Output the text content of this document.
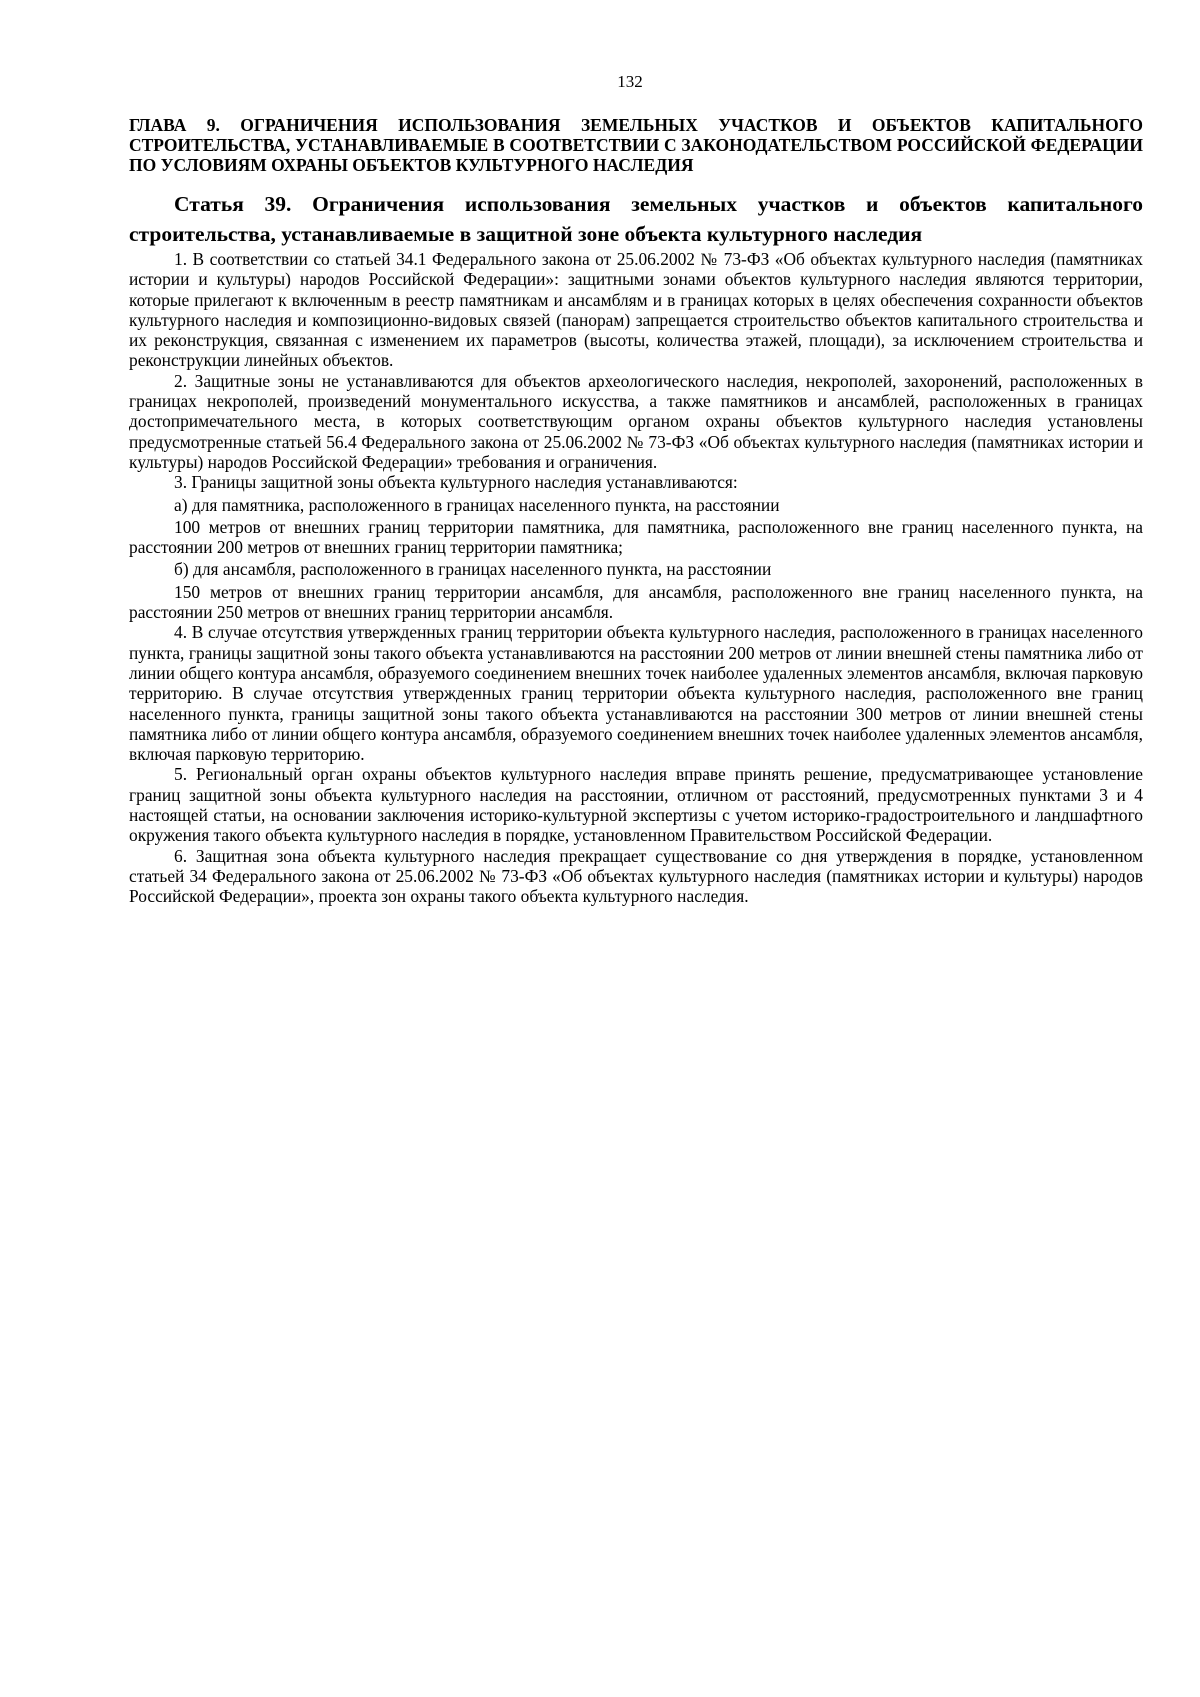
132
ГЛАВА 9. ОГРАНИЧЕНИЯ ИСПОЛЬЗОВАНИЯ ЗЕМЕЛЬНЫХ УЧАСТКОВ И ОБЪЕКТОВ КАПИТАЛЬНОГО СТРОИТЕЛЬСТВА, УСТАНАВЛИВАЕМЫЕ В СООТВЕТСТВИИ С ЗАКОНОДАТЕЛЬСТВОМ РОССИЙСКОЙ ФЕДЕРАЦИИ ПО УСЛОВИЯМ ОХРАНЫ ОБЪЕКТОВ КУЛЬТУРНОГО НАСЛЕДИЯ
Статья 39. Ограничения использования земельных участков и объектов капитального строительства, устанавливаемые в защитной зоне объекта культурного наследия

1. В соответствии со статьей 34.1 Федерального закона от 25.06.2002 № 73-ФЗ «Об объектах культурного наследия (памятниках истории и культуры) народов Российской Федерации»: защитными зонами объектов культурного наследия являются территории, которые прилегают к включенным в реестр памятникам и ансамблям и в границах которых в целях обеспечения сохранности объектов культурного наследия и композиционно-видовых связей (панорам) запрещается строительство объектов капитального строительства и их реконструкция, связанная с изменением их параметров (высоты, количества этажей, площади), за исключением строительства и реконструкции линейных объектов.

2. Защитные зоны не устанавливаются для объектов археологического наследия, некрополей, захоронений, расположенных в границах некрополей, произведений монументального искусства, а также памятников и ансамблей, расположенных в границах достопримечательного места, в которых соответствующим органом охраны объектов культурного наследия установлены предусмотренные статьей 56.4 Федерального закона от 25.06.2002 № 73-ФЗ «Об объектах культурного наследия (памятниках истории и культуры) народов Российской Федерации» требования и ограничения.

3. Границы защитной зоны объекта культурного наследия устанавливаются:

а) для памятника, расположенного в границах населенного пункта, на расстоянии

100 метров от внешних границ территории памятника, для памятника, расположенного вне границ населенного пункта, на расстоянии 200 метров от внешних границ территории памятника;

б) для ансамбля, расположенного в границах населенного пункта, на расстоянии

150 метров от внешних границ территории ансамбля, для ансамбля, расположенного вне границ населенного пункта, на расстоянии 250 метров от внешних границ территории ансамбля.

4. В случае отсутствия утвержденных границ территории объекта культурного наследия, расположенного в границах населенного пункта, границы защитной зоны такого объекта устанавливаются на расстоянии 200 метров от линии внешней стены памятника либо от линии общего контура ансамбля, образуемого соединением внешних точек наиболее удаленных элементов ансамбля, включая парковую территорию. В случае отсутствия утвержденных границ территории объекта культурного наследия, расположенного вне границ населенного пункта, границы защитной зоны такого объекта устанавливаются на расстоянии 300 метров от линии внешней стены памятника либо от линии общего контура ансамбля, образуемого соединением внешних точек наиболее удаленных элементов ансамбля, включая парковую территорию.

5. Региональный орган охраны объектов культурного наследия вправе принять решение, предусматривающее установление границ защитной зоны объекта культурного наследия на расстоянии, отличном от расстояний, предусмотренных пунктами 3 и 4 настоящей статьи, на основании заключения историко-культурной экспертизы с учетом историко-градостроительного и ландшафтного окружения такого объекта культурного наследия в порядке, установленном Правительством Российской Федерации.

6. Защитная зона объекта культурного наследия прекращает существование со дня утверждения в порядке, установленном статьей 34 Федерального закона от 25.06.2002 № 73-ФЗ «Об объектах культурного наследия (памятниках истории и культуры) народов Российской Федерации», проекта зон охраны такого объекта культурного наследия.
